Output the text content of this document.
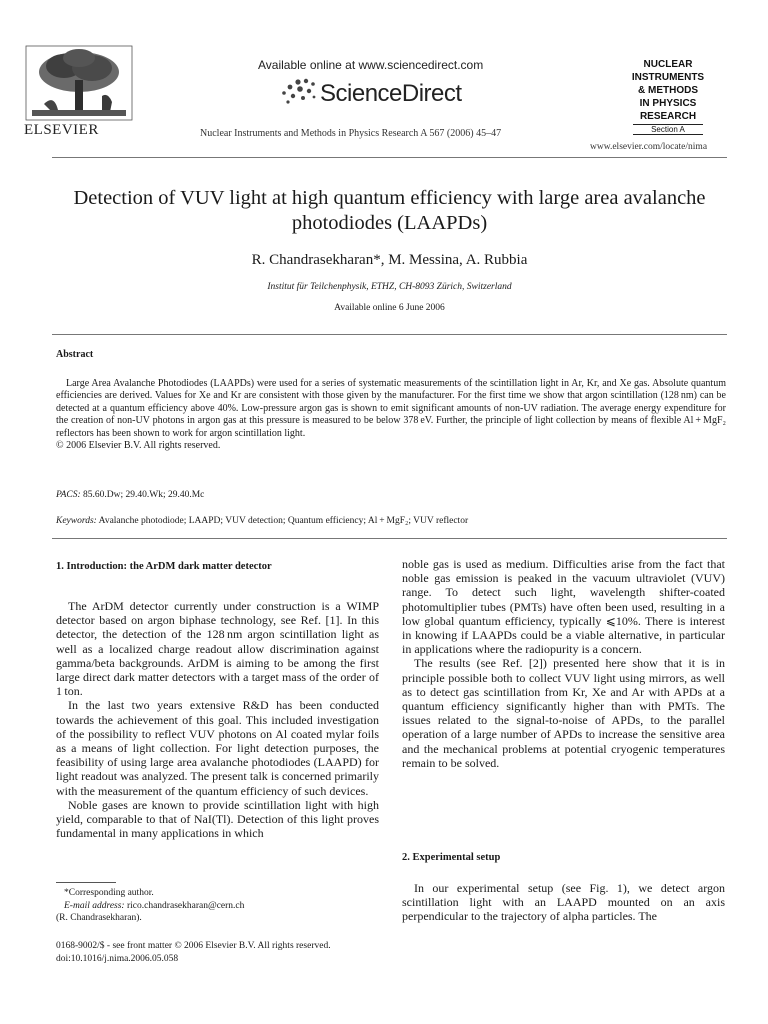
ELSEVIER
Available online at www.sciencedirect.com
ScienceDirect
Nuclear Instruments and Methods in Physics Research A 567 (2006) 45–47
NUCLEAR
INSTRUMENTS
& METHODS
IN PHYSICS
RESEARCH
Section A
www.elsevier.com/locate/nima
Detection of VUV light at high quantum efficiency with large area avalanche photodiodes (LAAPDs)
R. Chandrasekharan*, M. Messina, A. Rubbia
Institut für Teilchenphysik, ETHZ, CH-8093 Zürich, Switzerland
Available online 6 June 2006
Abstract

Large Area Avalanche Photodiodes (LAAPDs) were used for a series of systematic measurements of the scintillation light in Ar, Kr, and Xe gas. Absolute quantum efficiencies are derived. Values for Xe and Kr are consistent with those given by the manufacturer. For the first time we show that argon scintillation (128 nm) can be detected at a quantum efficiency above 40%. Low-pressure argon gas is shown to emit significant amounts of non-UV radiation. The average energy expenditure for the creation of non-UV photons in argon gas at this pressure is measured to be below 378 eV. Further, the principle of light collection by means of flexible Al + MgF₂ reflectors has been shown to work for argon scintillation light.

© 2006 Elsevier B.V. All rights reserved.

PACS: 85.60.Dw; 29.40.Wk; 29.40.Mc
Keywords: Avalanche photodiode; LAAPD; VUV detection; Quantum efficiency; Al + MgF₂; VUV reflector
1. Introduction: the ArDM dark matter detector

The ArDM detector currently under construction is a WIMP detector based on argon biphase technology, see Ref. [1]. In this detector, the detection of the 128 nm argon scintillation light as well as a localized charge readout allow discrimination against gamma/beta backgrounds. ArDM is aiming to be among the first large direct dark matter detectors with a target mass of the order of 1 ton.

In the last two years extensive R&D has been conducted towards the achievement of this goal. This included investigation of the possibility to reflect VUV photons on Al coated mylar foils as a means of light collection. For light detection purposes, the feasibility of using large area avalanche photodiodes (LAAPD) for light readout was analyzed. The present talk is concerned primarily with the measurement of the quantum efficiency of such devices.

Noble gases are known to provide scintillation light with high yield, comparable to that of NaI(Tl). Detection of this light proves fundamental in many applications in which

noble gas is used as medium. Difficulties arise from the fact that noble gas emission is peaked in the vacuum ultraviolet (VUV) range. To detect such light, wavelength shifter-coated photomultiplier tubes (PMTs) have often been used, resulting in a low global quantum efficiency, typically ⩽10%. There is interest in knowing if LAAPDs could be a viable alternative, in particular in applications where the radiopurity is a concern.

The results (see Ref. [2]) presented here show that it is in principle possible both to collect VUV light using mirrors, as well as to detect gas scintillation from Kr, Xe and Ar with APDs at a quantum efficiency significantly higher than with PMTs. The issues related to the signal-to-noise of APDs, to the parallel operation of a large number of APDs to increase the sensitive area and the mechanical problems at potential cryogenic temperatures remain to be solved.

2. Experimental setup

In our experimental setup (see Fig. 1), we detect argon scintillation light with an LAAPD mounted on an axis perpendicular to the trajectory of alpha particles. The

*Corresponding author.
E-mail address: rico.chandrasekharan@cern.ch
(R. Chandrasekharan).
0168-9002/$ - see front matter © 2006 Elsevier B.V. All rights reserved.
doi:10.1016/j.nima.2006.05.058
